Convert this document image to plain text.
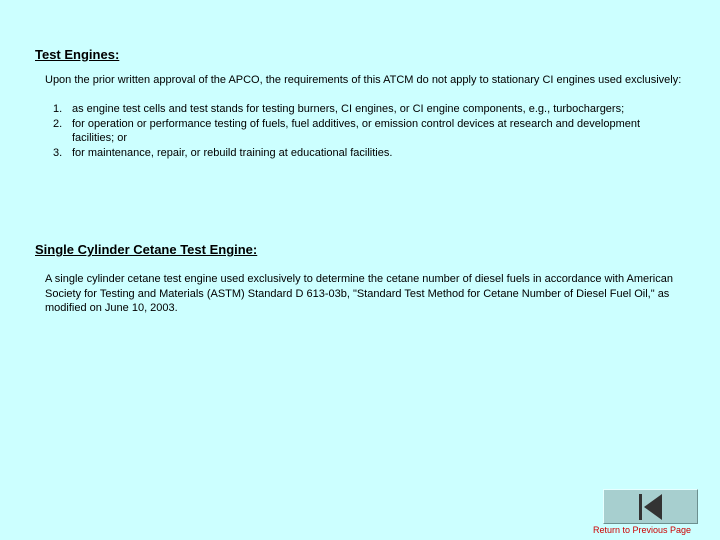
Test Engines:

Upon the prior written approval of the APCO, the requirements of this ATCM do not apply to stationary CI engines used exclusively:

1. as engine test cells and test stands for testing burners, CI engines, or CI engine components, e.g., turbochargers;
2. for operation or performance testing of fuels, fuel additives, or emission control devices at research and development facilities; or
3. for maintenance, repair, or rebuild training at educational facilities.
Single Cylinder Cetane Test Engine:

A single cylinder cetane test engine used exclusively to determine the cetane number of diesel fuels in accordance with American Society for Testing and Materials (ASTM) Standard D 613-03b, "Standard Test Method for Cetane Number of Diesel Fuel Oil," as modified on June 10, 2003.

Return to Previous Page
